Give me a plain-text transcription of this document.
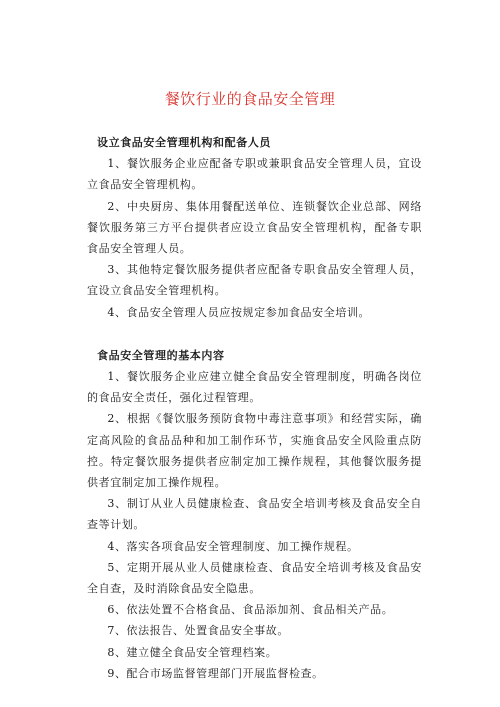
餐饮行业的食品安全管理

设立食品安全管理机构和配备人员

1、餐饮服务企业应配备专职或兼职食品安全管理人员，宜设立食品安全管理机构。

2、中央厨房、集体用餐配送单位、连锁餐饮企业总部、网络餐饮服务第三方平台提供者应设立食品安全管理机构，配备专职食品安全管理人员。

3、其他特定餐饮服务提供者应配备专职食品安全管理人员，宜设立食品安全管理机构。

4、食品安全管理人员应按规定参加食品安全培训。

食品安全管理的基本内容

1、餐饮服务企业应建立健全食品安全管理制度，明确各岗位的食品安全责任，强化过程管理。

2、根据《餐饮服务预防食物中毒注意事项》和经营实际，确定高风险的食品品种和加工制作环节，实施食品安全风险重点防控。特定餐饮服务提供者应制定加工操作规程，其他餐饮服务提供者宜制定加工操作规程。

3、制订从业人员健康检查、食品安全培训考核及食品安全自查等计划。

4、落实各项食品安全管理制度、加工操作规程。

5、定期开展从业人员健康检查、食品安全培训考核及食品安全自查，及时消除食品安全隐患。

6、依法处置不合格食品、食品添加剂、食品相关产品。

7、依法报告、处置食品安全事故。

8、建立健全食品安全管理档案。

9、配合市场监督管理部门开展监督检查。
